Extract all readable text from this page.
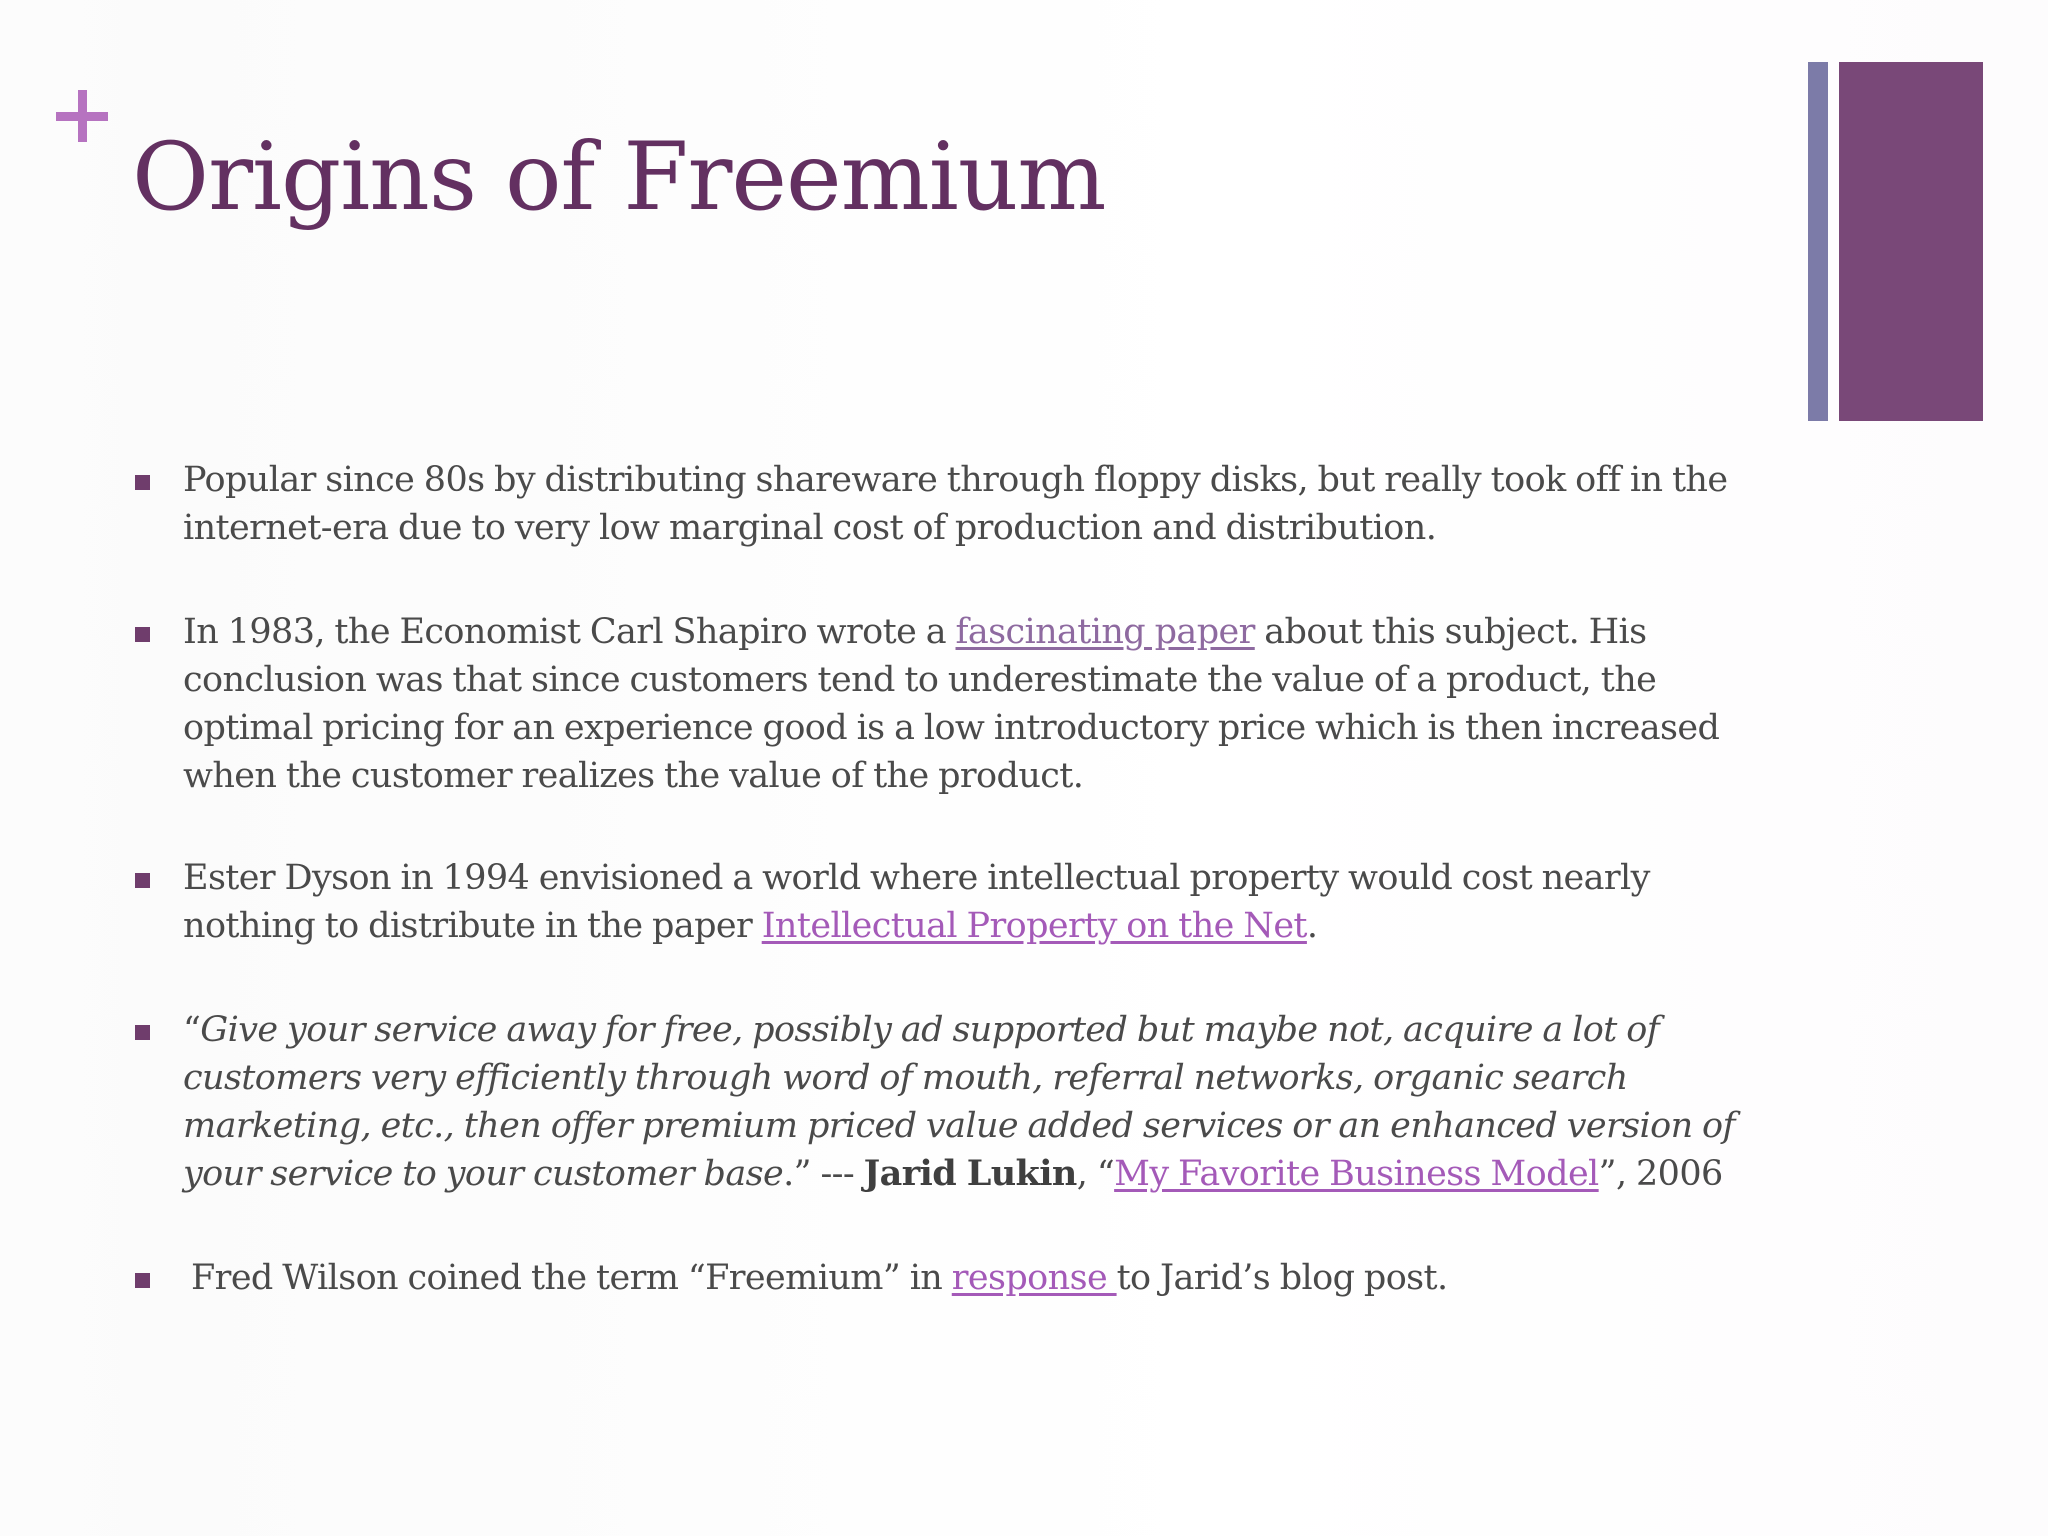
Origins of Freemium
Popular since 80s by distributing shareware through floppy disks, but really took off in the internet-era due to very low marginal cost of production and distribution.
In 1983, the Economist Carl Shapiro wrote a fascinating paper about this subject. His conclusion was that since customers tend to underestimate the value of a product, the optimal pricing for an experience good is a low introductory price which is then increased when the customer realizes the value of the product.
Ester Dyson in 1994 envisioned a world where intellectual property would cost nearly nothing to distribute in the paper Intellectual Property on the Net.
“Give your service away for free, possibly ad supported but maybe not, acquire a lot of customers very efficiently through word of mouth, referral networks, organic search marketing, etc., then offer premium priced value added services or an enhanced version of your service to your customer base.” --- Jarid Lukin, “My Favorite Business Model”, 2006
Fred Wilson coined the term “Freemium” in response to Jarid’s blog post.
